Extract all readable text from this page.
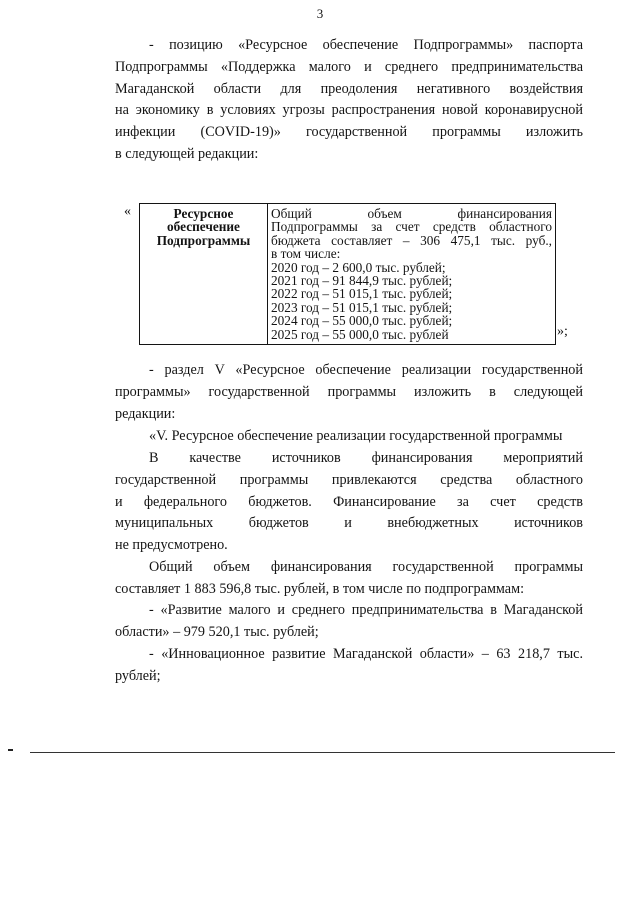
3
- позицию «Ресурсное обеспечение Подпрограммы» паспорта
Подпрограммы «Поддержка малого и среднего предпринимательства
Магаданской области для преодоления негативного воздействия
на экономику в условиях угрозы распространения новой коронавирусной
инфекции (COVID-19)» государственной программы изложить
в следующей редакции:
«	Ресурсное обеспечение Подпрограммы	
Общий объем финансирования
Подпрограммы за счет средств областного
бюджета составляет – 306 475,1 тыс. руб.,
в том числе:
2020 год – 2 600,0 тыс. рублей;
2021 год – 91 844,9 тыс. рублей;
2022 год – 51 015,1 тыс. рублей;
2023 год – 51 015,1 тыс. рублей;
2024 год – 55 000,0 тыс. рублей;
2025 год – 55 000,0 тыс. рублей	»;
- раздел V «Ресурсное обеспечение реализации государственной
программы» государственной программы изложить в следующей
редакции:
«V. Ресурсное обеспечение реализации государственной программы
В качестве источников финансирования мероприятий
государственной программы привлекаются средства областного
и федерального бюджетов. Финансирование за счет средств
муниципальных бюджетов и внебюджетных источников
не предусмотрено.
Общий объем финансирования государственной программы
составляет 1 883 596,8 тыс. рублей, в том числе по подпрограммам:
- «Развитие малого и среднего предпринимательства в Магаданской
области» – 979 520,1 тыс. рублей;
- «Инновационное развитие Магаданской области» – 63 218,7 тыс.
рублей;
